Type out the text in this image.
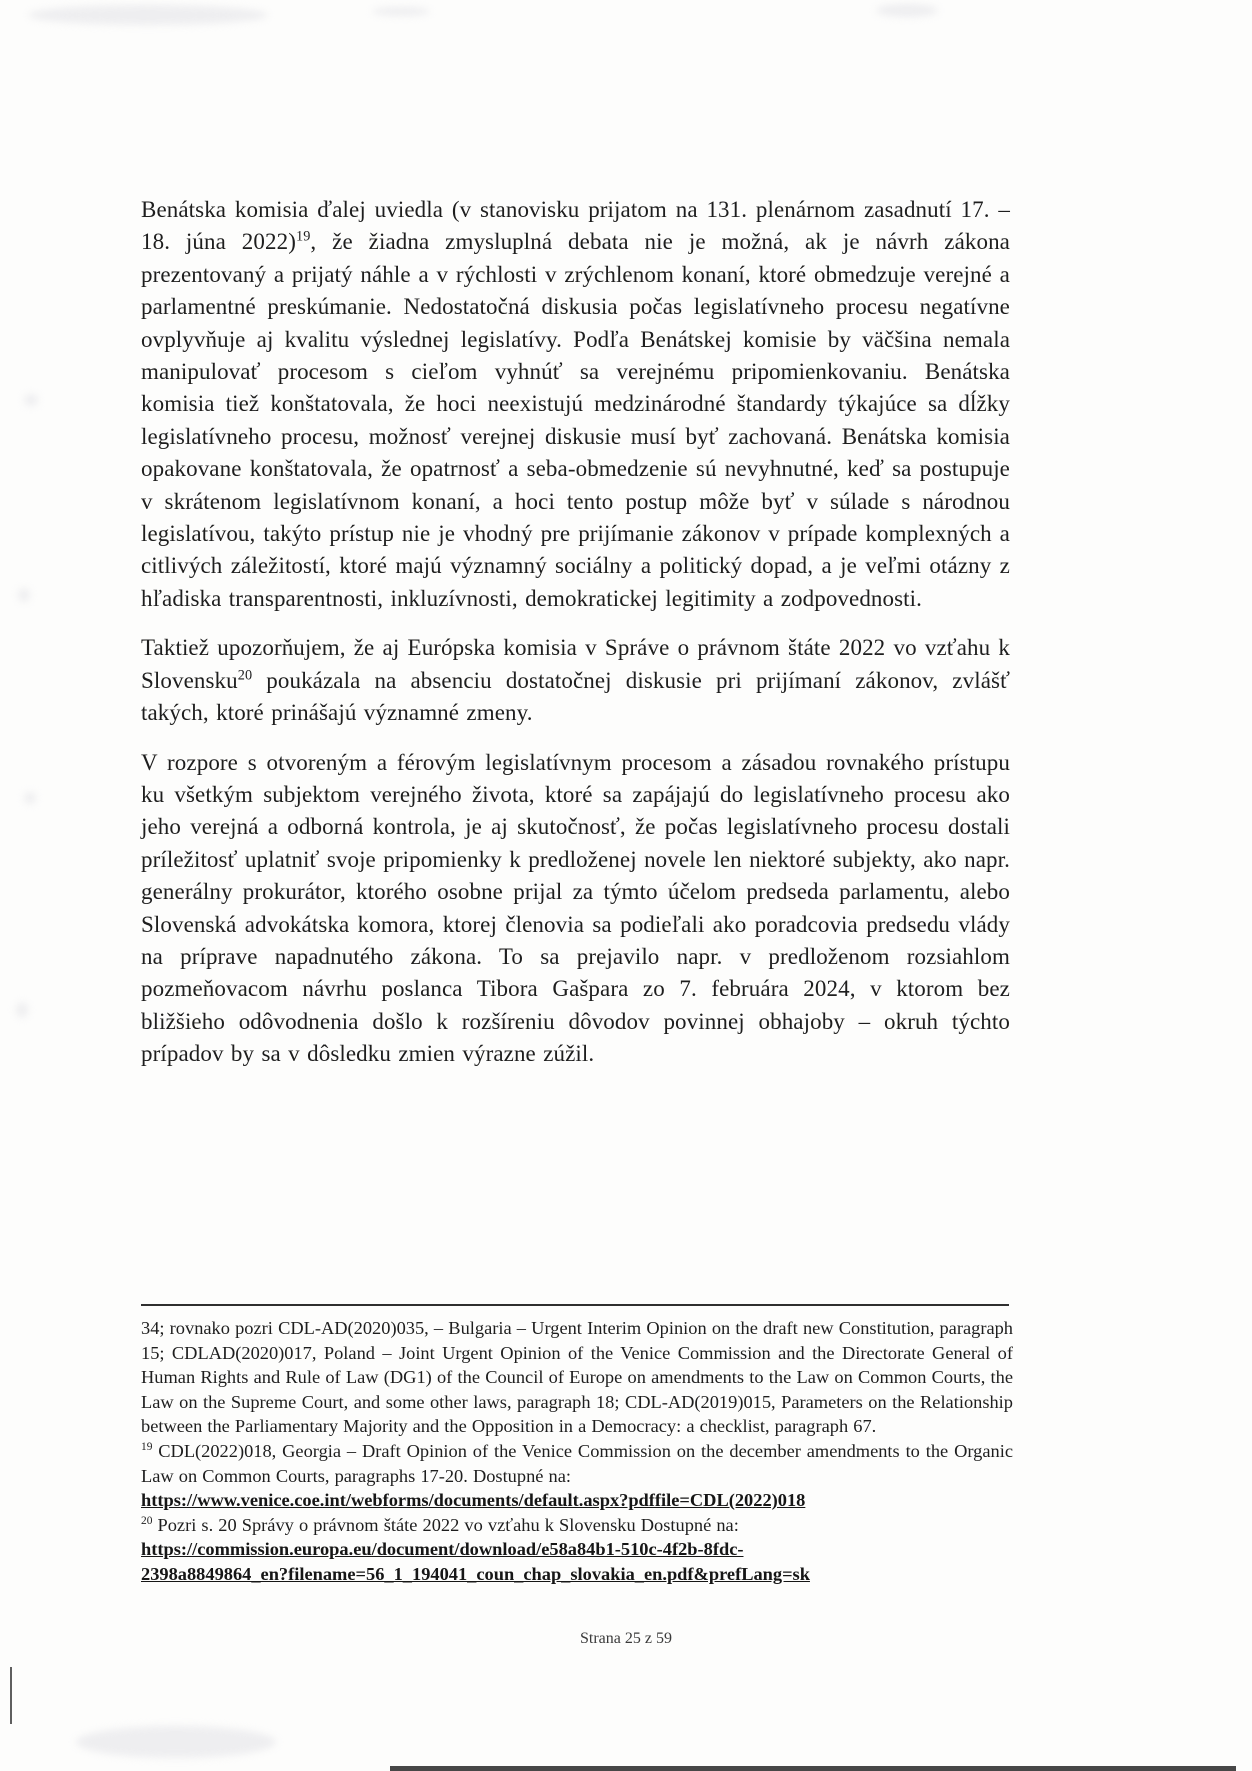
Benátska komisia ďalej uviedla (v stanovisku prijatom na 131. plenárnom zasadnutí 17. – 18. júna 2022)$^{19}$, že žiadna zmysluplná debata nie je možná, ak je návrh zákona prezentovaný a prijatý náhle a v rýchlosti v zrýchlenom konaní, ktoré obmedzuje verejné a parlamentné preskúmanie. Nedostatočná diskusia počas legislatívneho procesu negatívne ovplyvňuje aj kvalitu výslednej legislatívy. Podľa Benátskej komisie by väčšina nemala manipulovať procesom s cieľom vyhnúť sa verejnému pripomienkovaniu. Benátska komisia tiež konštatovala, že hoci neexistujú medzinárodné štandardy týkajúce sa dĺžky legislatívneho procesu, možnosť verejnej diskusie musí byť zachovaná. Benátska komisia opakovane konštatovala, že opatrnosť a seba-obmedzenie sú nevyhnutné, keď sa postupuje v skrátenom legislatívnom konaní, a hoci tento postup môže byť v súlade s národnou legislatívou, takýto prístup nie je vhodný pre prijímanie zákonov v prípade komplexných a citlivých záležitostí, ktoré majú významný sociálny a politický dopad, a je veľmi otázny z hľadiska transparentnosti, inkluzívnosti, demokratickej legitimity a zodpovednosti.

Taktiež upozorňujem, že aj Európska komisia v Správe o právnom štáte 2022 vo vzťahu k Slovensku$^{20}$ poukázala na absenciu dostatočnej diskusie pri prijímaní zákonov, zvlášť takých, ktoré prinášajú významné zmeny.

V rozpore s otvoreným a férovým legislatívnym procesom a zásadou rovnakého prístupu ku všetkým subjektom verejného života, ktoré sa zapájajú do legislatívneho procesu ako jeho verejná a odborná kontrola, je aj skutočnosť, že počas legislatívneho procesu dostali príležitosť uplatniť svoje pripomienky k predloženej novele len niektoré subjekty, ako napr. generálny prokurátor, ktorého osobne prijal za týmto účelom predseda parlamentu, alebo Slovenská advokátska komora, ktorej členovia sa podieľali ako poradcovia predsedu vlády na príprave napadnutého zákona. To sa prejavilo napr. v predloženom rozsiahlom pozmeňovacom návrhu poslanca Tibora Gašpara zo 7. februára 2024, v ktorom bez bližšieho odôvodnenia došlo k rozšíreniu dôvodov povinnej obhajoby – okruh týchto prípadov by sa v dôsledku zmien výrazne zúžil.

34; rovnako pozri CDL-AD(2020)035, – Bulgaria – Urgent Interim Opinion on the draft new Constitution, paragraph 15; CDLAD(2020)017, Poland – Joint Urgent Opinion of the Venice Commission and the Directorate General of Human Rights and Rule of Law (DG1) of the Council of Europe on amendments to the Law on Common Courts, the Law on the Supreme Court, and some other laws, paragraph 18; CDL-AD(2019)015, Parameters on the Relationship between the Parliamentary Majority and the Opposition in a Democracy: a checklist, paragraph 67.

$^{19}$ CDL(2022)018, Georgia – Draft Opinion of the Venice Commission on the december amendments to the Organic Law on Common Courts, paragraphs 17-20. Dostupné na:
https://www.venice.coe.int/webforms/documents/default.aspx?pdffile=CDL(2022)018

$^{20}$ Pozri s. 20 Správy o právnom štáte 2022 vo vzťahu k Slovensku Dostupné na:
https://commission.europa.eu/document/download/e58a84b1-510c-4f2b-8fdc-
2398a8849864_en?filename=56_1_194041_coun_chap_slovakia_en.pdf&prefLang=sk

Strana 25 z 59
